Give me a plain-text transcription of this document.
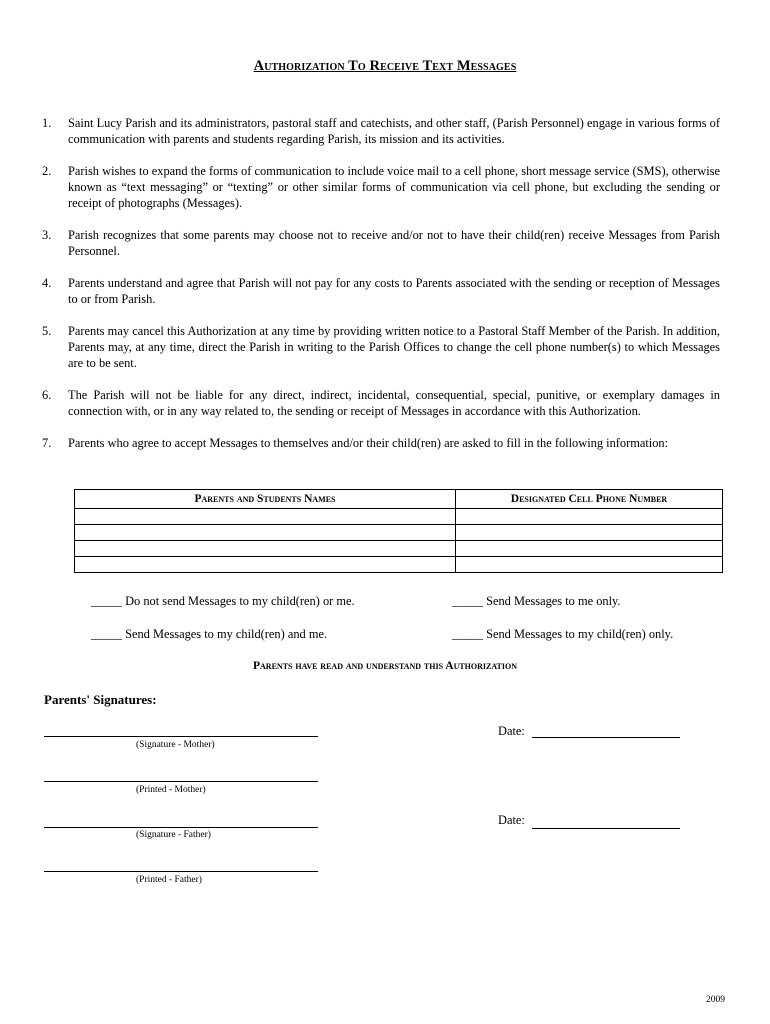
Authorization To Receive Text Messages
1. Saint Lucy Parish and its administrators, pastoral staff and catechists, and other staff, (Parish Personnel) engage in various forms of communication with parents and students regarding Parish, its mission and its activities.
2. Parish wishes to expand the forms of communication to include voice mail to a cell phone, short message service (SMS), otherwise known as “text messaging” or “texting” or other similar forms of communication via cell phone, but excluding the sending or receipt of photographs (Messages).
3. Parish recognizes that some parents may choose not to receive and/or not to have their child(ren) receive Messages from Parish Personnel.
4. Parents understand and agree that Parish will not pay for any costs to Parents associated with the sending or reception of Messages to or from Parish.
5. Parents may cancel this Authorization at any time by providing written notice to a Pastoral Staff Member of the Parish. In addition, Parents may, at any time, direct the Parish in writing to the Parish Offices to change the cell phone number(s) to which Messages are to be sent.
6. The Parish will not be liable for any direct, indirect, incidental, consequential, special, punitive, or exemplary damages in connection with, or in any way related to, the sending or receipt of Messages in accordance with this Authorization.
7. Parents who agree to accept Messages to themselves and/or their child(ren) are asked to fill in the following information:
Parents and Students Names	Designated Cell Phone Number

_____ Do not send Messages to my child(ren) or me.	_____ Send Messages to me only.
_____ Send Messages to my child(ren) and me.	_____ Send Messages to my child(ren) only.
Parents have read and understand this Authorization
Parents' Signatures:
(Signature - Mother)
Date:
(Printed - Mother)
(Signature - Father)
Date:
(Printed - Father)
2009
